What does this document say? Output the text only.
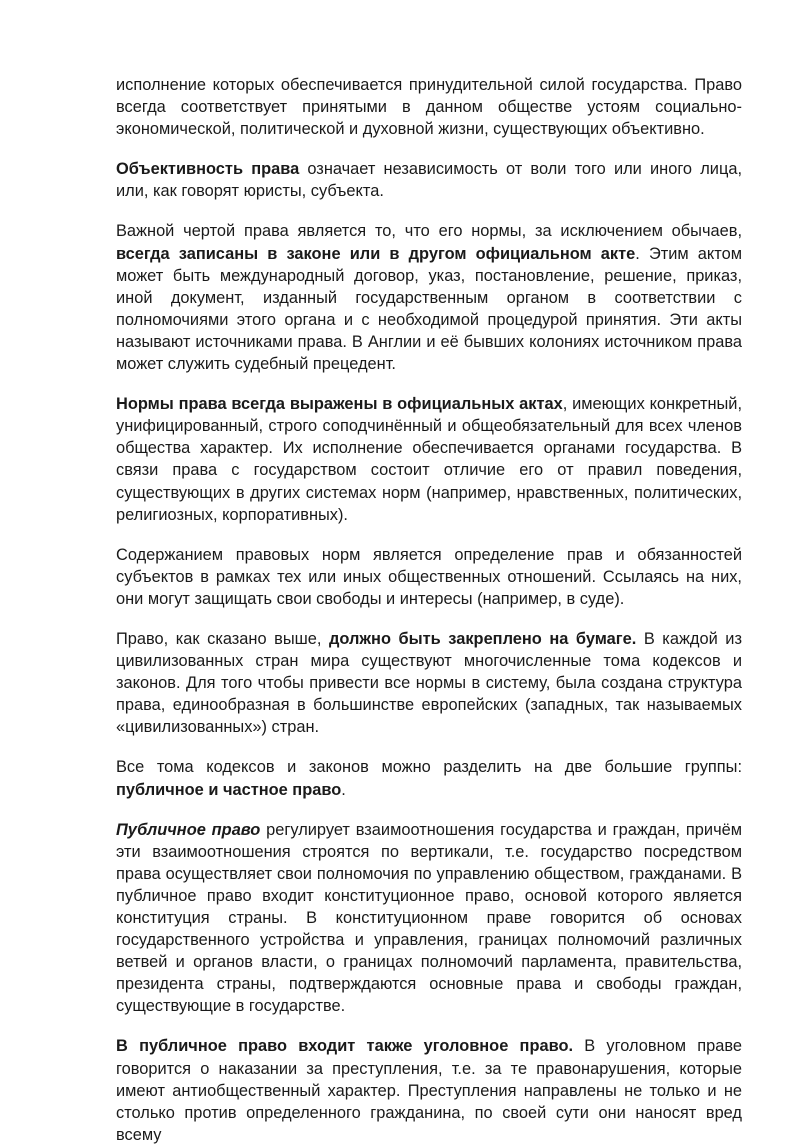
исполнение которых обеспечивается принудительной силой государства. Право всегда соответствует принятыми в данном обществе устоям социально-экономической, политической и духовной жизни, существующих объективно.

Объективность права означает независимость от воли того или иного лица, или, как говорят юристы, субъекта.

Важной чертой права является то, что его нормы, за исключением обычаев, всегда записаны в законе или в другом официальном акте. Этим актом может быть международный договор, указ, постановление, решение, приказ, иной документ, изданный государственным органом в соответствии с полномочиями этого органа и с необходимой процедурой принятия. Эти акты называют источниками права. В Англии и её бывших колониях источником права может служить судебный прецедент.

Нормы права всегда выражены в официальных актах, имеющих конкретный, унифицированный, строго соподчинённый и общеобязательный для всех членов общества характер. Их исполнение обеспечивается органами государства. В связи права с государством состоит отличие его от правил поведения, существующих в других системах норм (например, нравственных, политических, религиозных, корпоративных).

Содержанием правовых норм является определение прав и обязанностей субъектов в рамках тех или иных общественных отношений. Ссылаясь на них, они могут защищать свои свободы и интересы (например, в суде).

Право, как сказано выше, должно быть закреплено на бумаге. В каждой из цивилизованных стран мира существуют многочисленные тома кодексов и законов. Для того чтобы привести все нормы в систему, была создана структура права, единообразная в большинстве европейских (западных, так называемых «цивилизованных») стран.

Все тома кодексов и законов можно разделить на две большие группы: публичное и частное право.

Публичное право регулирует взаимоотношения государства и граждан, причём эти взаимоотношения строятся по вертикали, т.е. государство посредством права осуществляет свои полномочия по управлению обществом, гражданами. В публичное право входит конституционное право, основой которого является конституция страны. В конституционном праве говорится об основах государственного устройства и управления, границах полномочий различных ветвей и органов власти, о границах полномочий парламента, правительства, президента страны, подтверждаются основные права и свободы граждан, существующие в государстве.

В публичное право входит также уголовное право. В уголовном праве говорится о наказании за преступления, т.е. за те правонарушения, которые имеют антиобщественный характер. Преступления направлены не только и не столько против определенного гражданина, по своей сути они наносят вред всему
